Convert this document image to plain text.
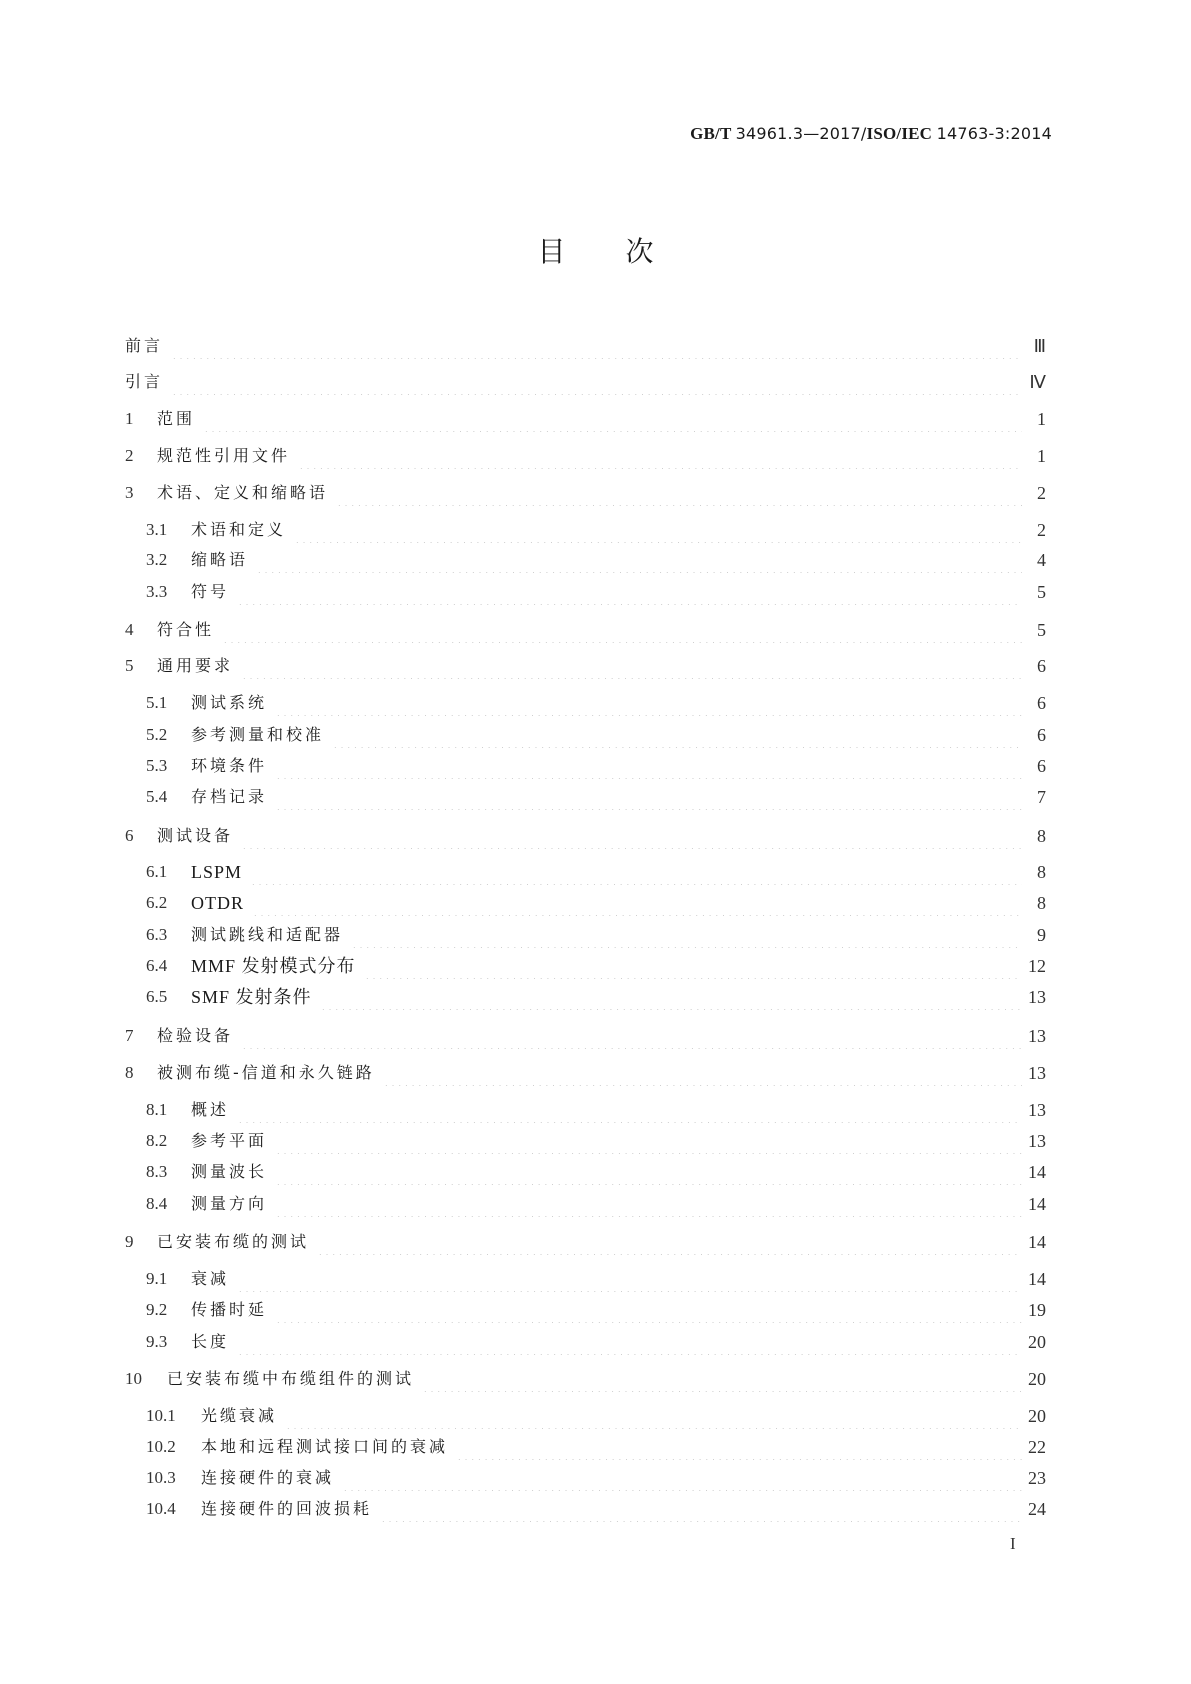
GB/T 34961.3—2017/ISO/IEC 14763-3:2014
目次
前言	Ⅲ
引言	Ⅳ
1	范围	1
2	规范性引用文件	1
3	术语、定义和缩略语	2
3.1	术语和定义	2
3.2	缩略语	4
3.3	符号	5
4	符合性	5
5	通用要求	6
5.1	测试系统	6
5.2	参考测量和校准	6
5.3	环境条件	6
5.4	存档记录	7
6	测试设备	8
6.1	LSPM	8
6.2	OTDR	8
6.3	测试跳线和适配器	9
6.4	MMF 发射模式分布	12
6.5	SMF 发射条件	13
7	检验设备	13
8	被测布缆-信道和永久链路	13
8.1	概述	13
8.2	参考平面	13
8.3	测量波长	14
8.4	测量方向	14
9	已安装布缆的测试	14
9.1	衰减	14
9.2	传播时延	19
9.3	长度	20
10	已安装布缆中布缆组件的测试	20
10.1	光缆衰减	20
10.2	本地和远程测试接口间的衰减	22
10.3	连接硬件的衰减	23
10.4	连接硬件的回波损耗	24
I
